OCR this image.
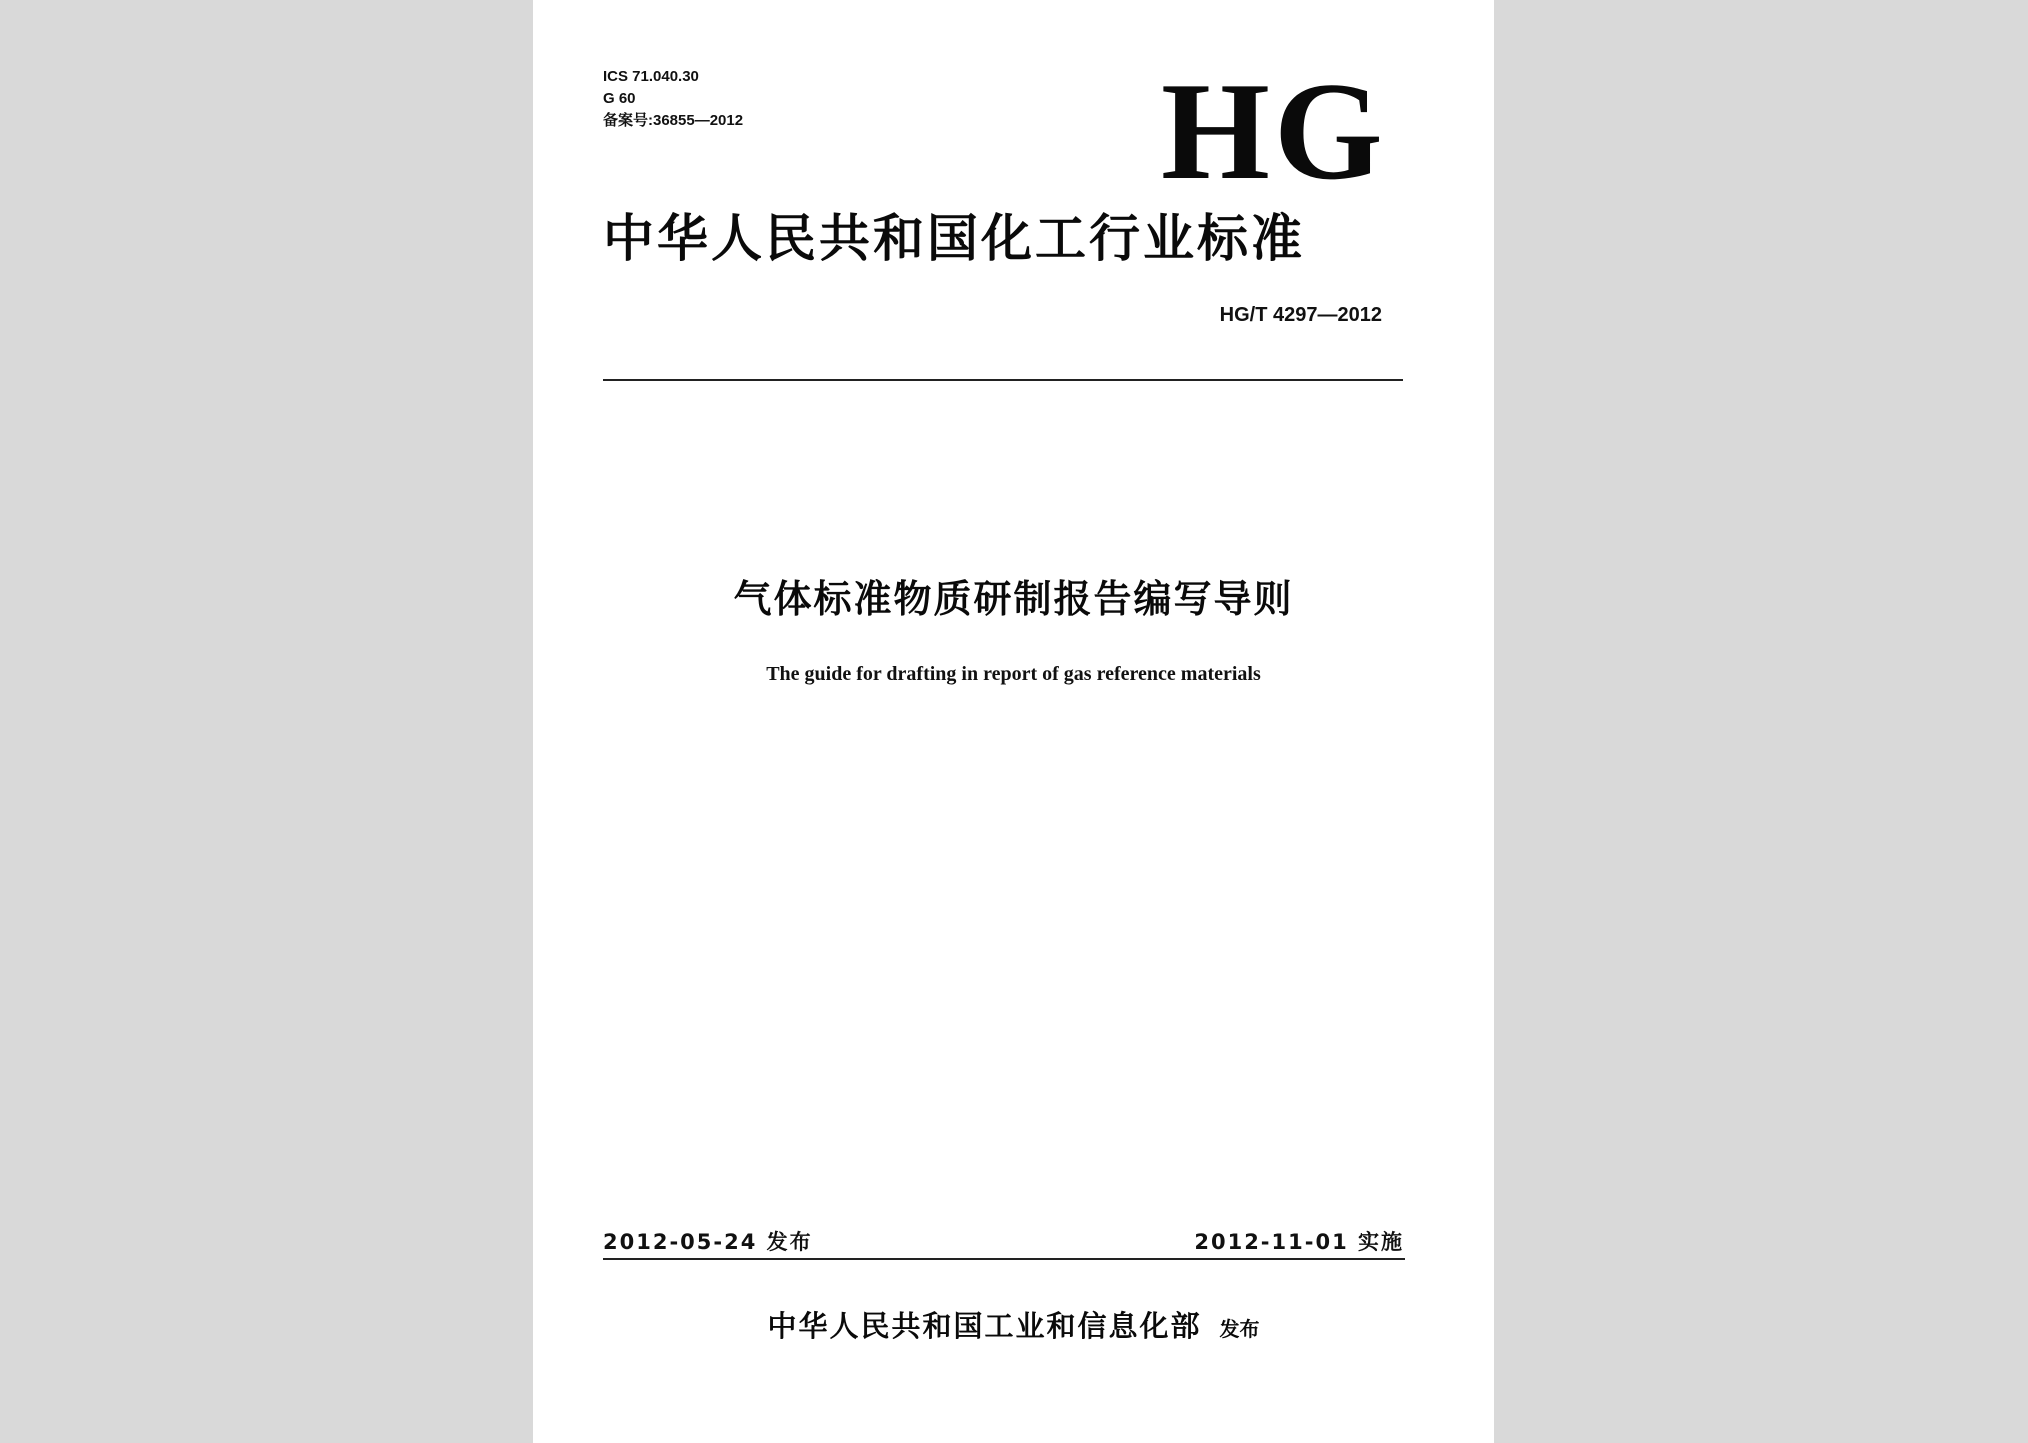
ICS 71.040.30
G 60
备案号:36855—2012	HG
中华人民共和国化工行业标准
HG/T 4297—2012
气体标准物质研制报告编写导则
The guide for drafting in report of gas reference materials
2012-05-24 发布	2012-11-01 实施
中华人民共和国工业和信息化部 发布
